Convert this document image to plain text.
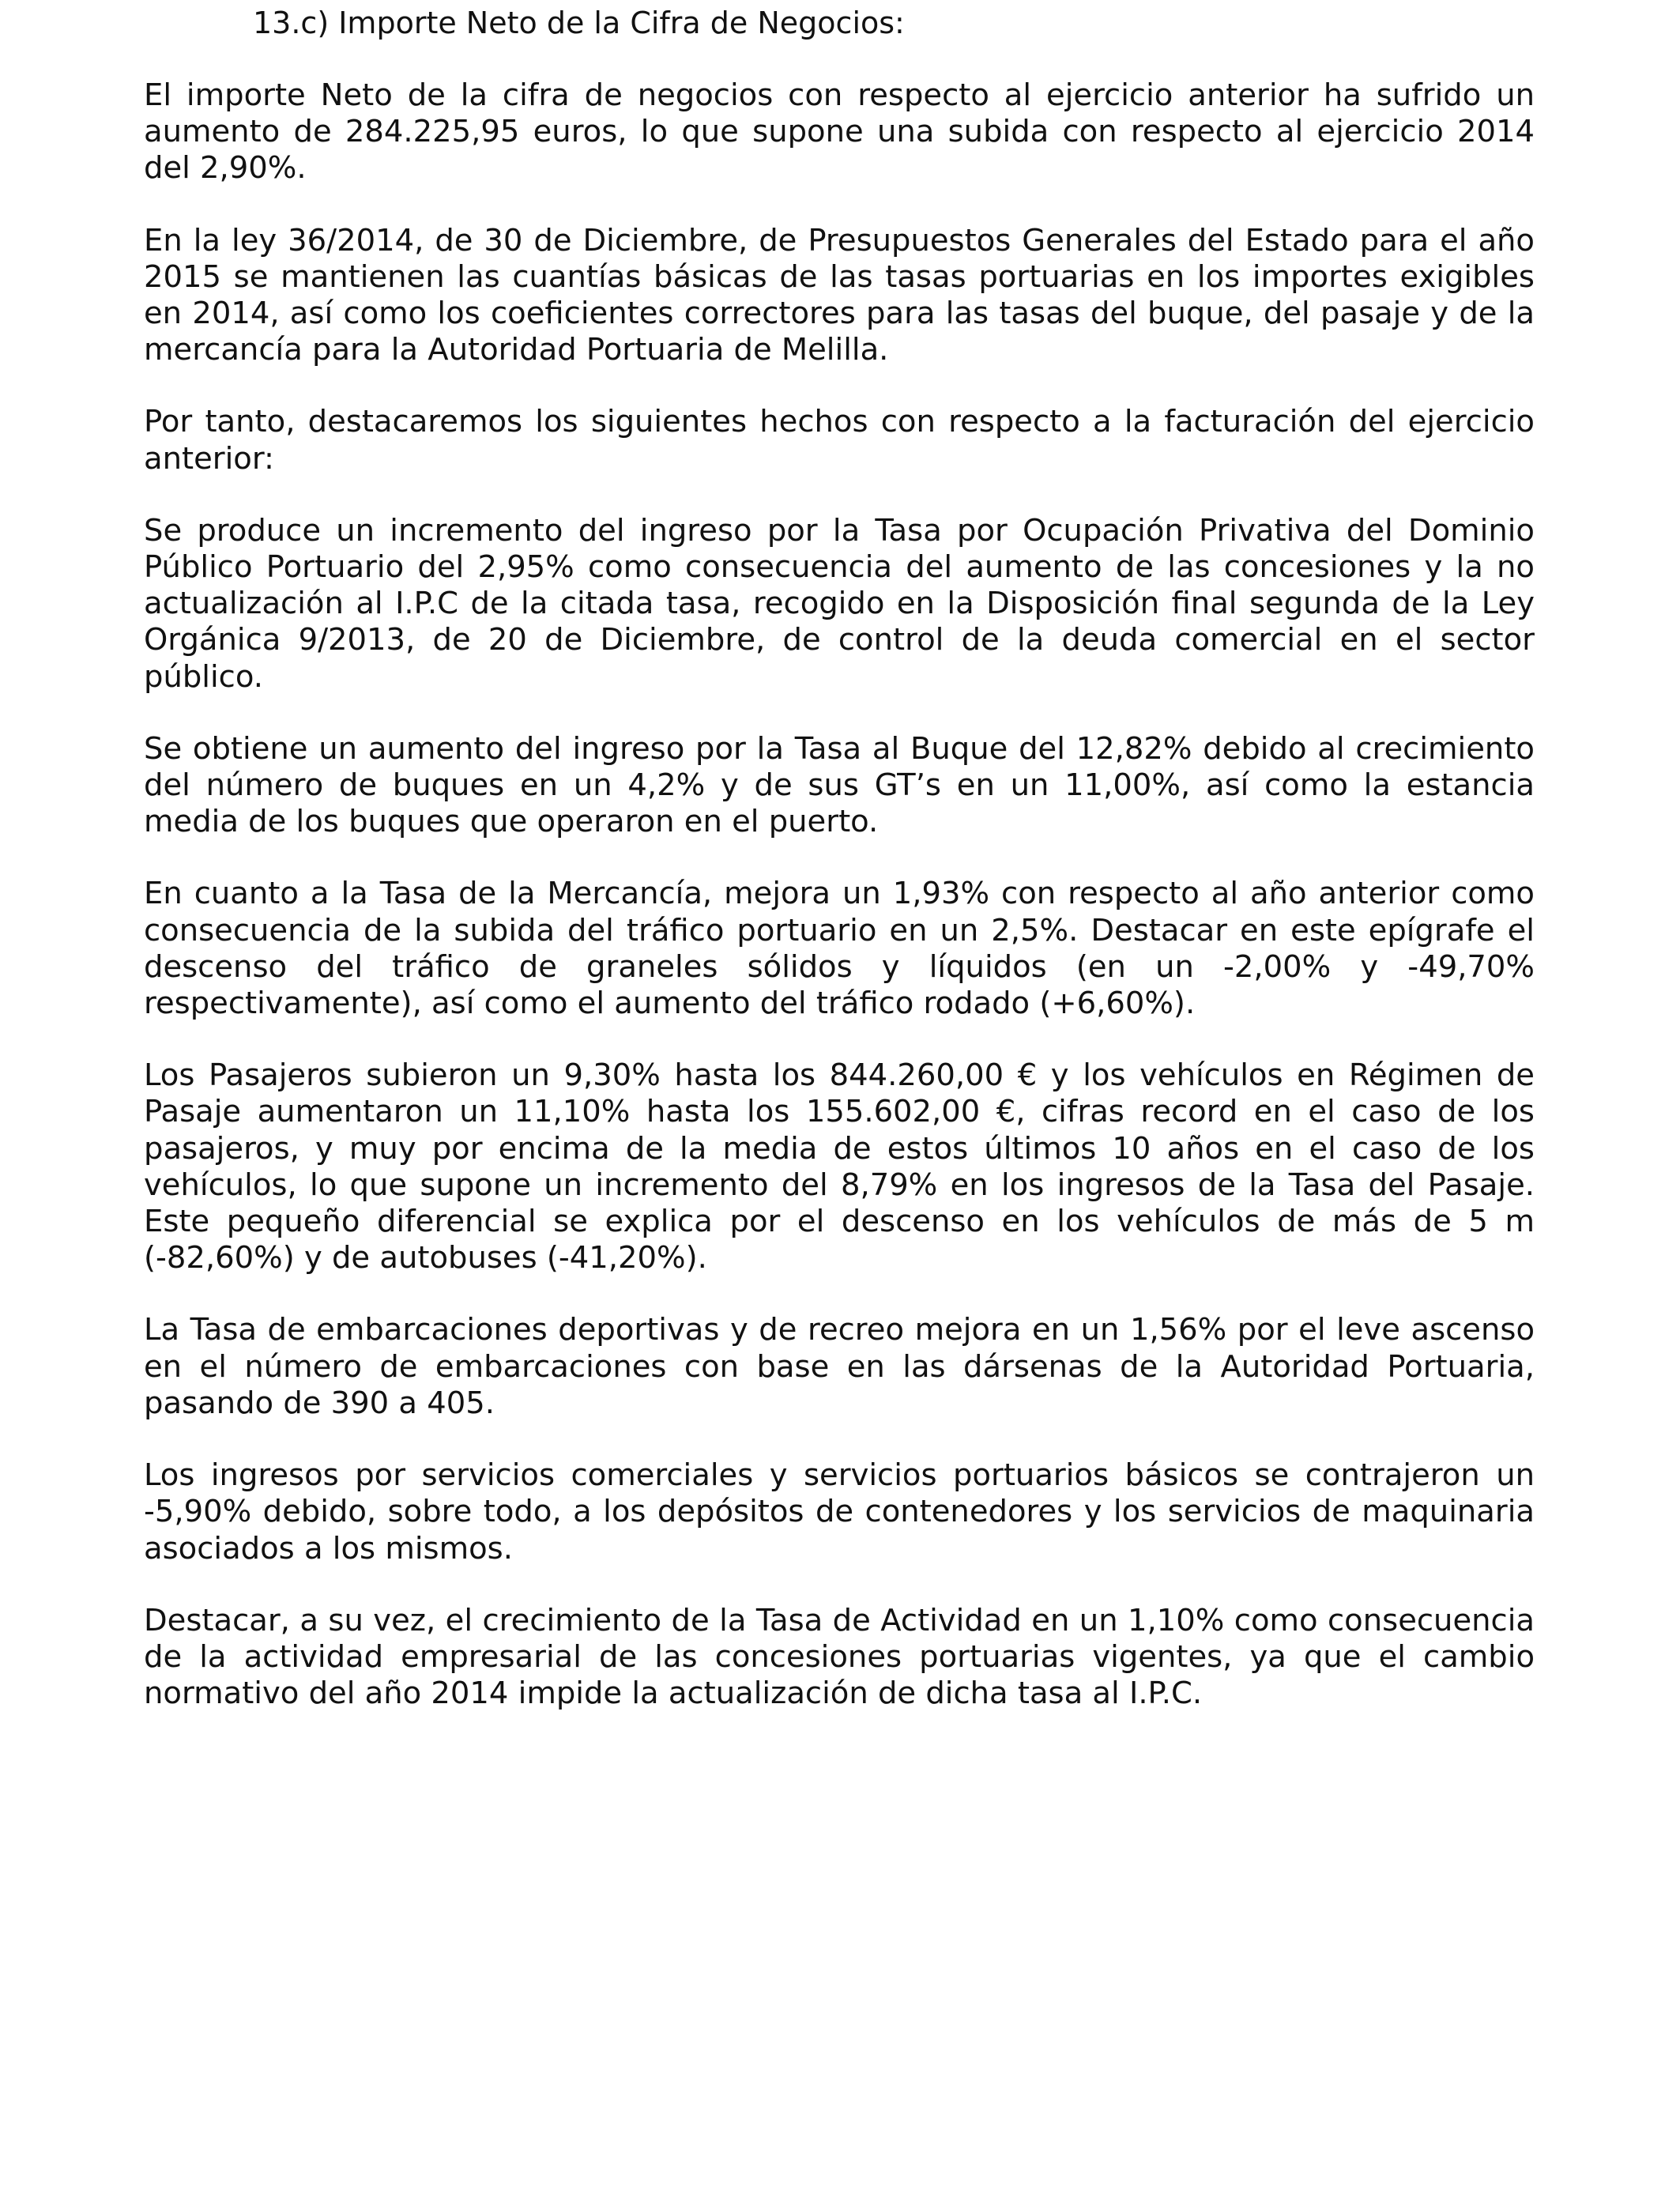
13.c) Importe Neto de la Cifra de Negocios:

El importe Neto de la cifra de negocios con respecto al ejercicio anterior ha sufrido un aumento de 284.225,95 euros, lo que supone una subida con respecto al ejercicio 2014 del 2,90%.

En la ley 36/2014, de 30 de Diciembre, de Presupuestos Generales del Estado para el año 2015 se mantienen las cuantías básicas de las tasas portuarias en los importes exigibles en 2014, así como los coeficientes correctores para las tasas del buque, del pasaje y de la mercancía para la Autoridad Portuaria de Melilla.

Por tanto, destacaremos los siguientes hechos con respecto a la facturación del ejercicio anterior:

Se produce un incremento del ingreso por la Tasa por Ocupación Privativa del Dominio Público Portuario del 2,95% como consecuencia del aumento de las concesiones y la no actualización al I.P.C de la citada tasa, recogido en la Disposición final segunda de la Ley Orgánica 9/2013, de 20 de Diciembre, de control de la deuda comercial en el sector público.

Se obtiene un aumento del ingreso por la Tasa al Buque del 12,82% debido al crecimiento del número de buques en un 4,2% y de sus GT’s en un 11,00%, así como la estancia media de los buques que operaron en el puerto.

En cuanto a la Tasa de la Mercancía, mejora un 1,93% con respecto al año anterior como consecuencia de la subida del tráfico portuario en un 2,5%. Destacar en este epígrafe el descenso del tráfico de graneles sólidos y líquidos (en un -2,00% y -49,70% respectivamente), así como el aumento del tráfico rodado (+6,60%).

Los Pasajeros subieron un 9,30% hasta los 844.260,00 € y los vehículos en Régimen de Pasaje aumentaron un 11,10% hasta los 155.602,00 €, cifras record en el caso de los pasajeros, y muy por encima de la media de estos últimos 10 años en el caso de los vehículos, lo que supone un incremento del 8,79% en los ingresos de la Tasa del Pasaje. Este pequeño diferencial se explica por el descenso en los vehículos de más de 5 m (-82,60%) y de autobuses (-41,20%).

La Tasa de embarcaciones deportivas y de recreo mejora en un 1,56% por el leve ascenso en el número de embarcaciones con base en las dársenas de la Autoridad Portuaria, pasando de 390 a 405.

Los ingresos por servicios comerciales y servicios portuarios básicos se contrajeron un -5,90% debido, sobre todo, a los depósitos de contenedores y los servicios de maquinaria asociados a los mismos.

Destacar, a su vez, el crecimiento de la Tasa de Actividad en un 1,10% como consecuencia de la actividad empresarial de las concesiones portuarias vigentes, ya que el cambio normativo del año 2014 impide la actualización de dicha tasa al I.P.C.
